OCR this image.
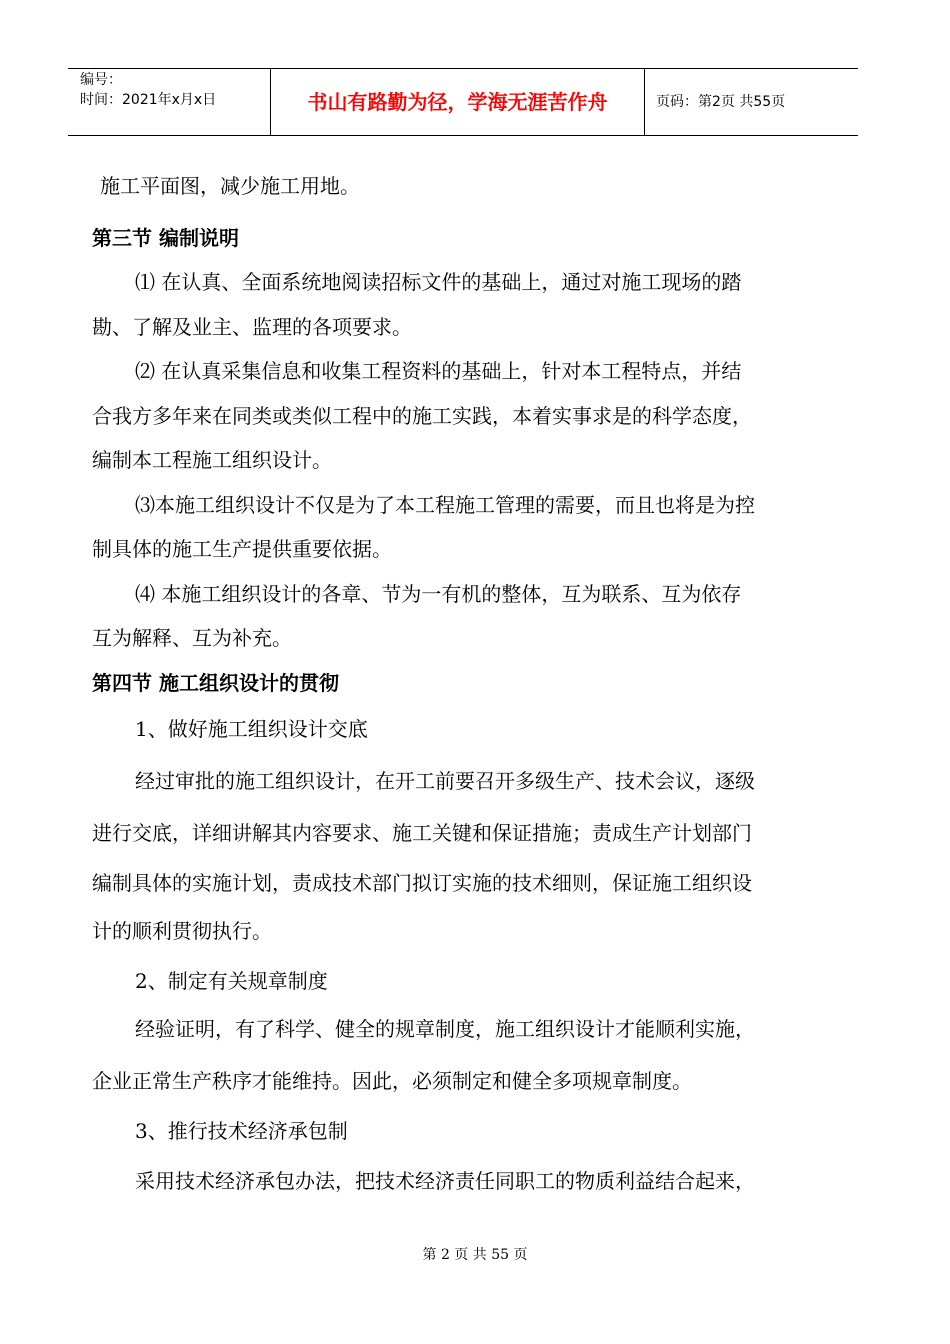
编号：
时间：2021年x月x日	书山有路勤为径，学海无涯苦作舟	页码：第2页 共55页
施工平面图，减少施工用地。
第三节 编制说明
⑴ 在认真、全面系统地阅读招标文件的基础上，通过对施工现场的踏
勘、了解及业主、监理的各项要求。
⑵ 在认真采集信息和收集工程资料的基础上，针对本工程特点，并结
合我方多年来在同类或类似工程中的施工实践，本着实事求是的科学态度，
编制本工程施工组织设计。
⑶本施工组织设计不仅是为了本工程施工管理的需要，而且也将是为控
制具体的施工生产提供重要依据。
⑷ 本施工组织设计的各章、节为一有机的整体，互为联系、互为依存
互为解释、互为补充。
第四节 施工组织设计的贯彻
1、做好施工组织设计交底
经过审批的施工组织设计，在开工前要召开多级生产、技术会议，逐级
进行交底，详细讲解其内容要求、施工关键和保证措施；责成生产计划部门
编制具体的实施计划，责成技术部门拟订实施的技术细则，保证施工组织设
计的顺利贯彻执行。
2、制定有关规章制度
经验证明，有了科学、健全的规章制度，施工组织设计才能顺利实施，
企业正常生产秩序才能维持。因此，必须制定和健全多项规章制度。
3、推行技术经济承包制
采用技术经济承包办法，把技术经济责任同职工的物质利益结合起来，
第 2 页 共 55 页
